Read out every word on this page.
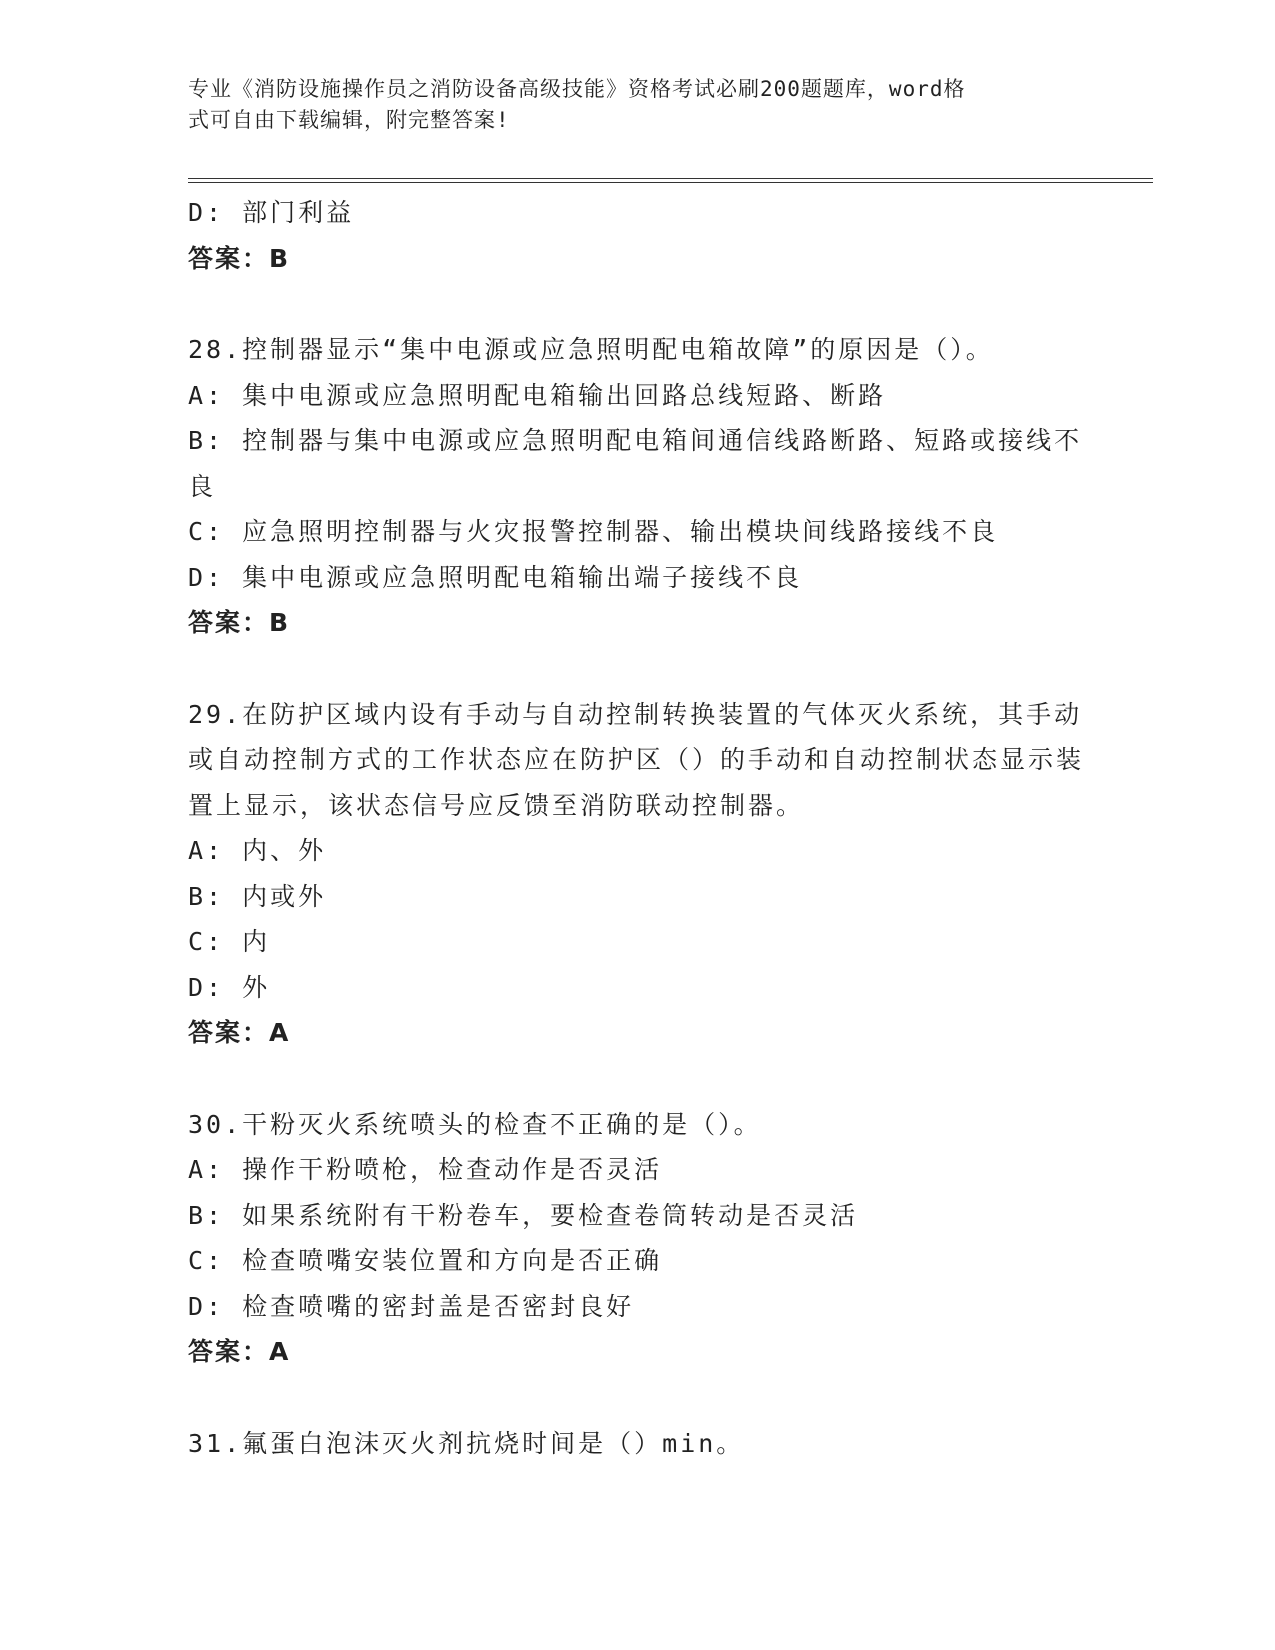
专业《消防设施操作员之消防设备高级技能》资格考试必刷200题题库，word格
式可自由下载编辑，附完整答案!
D: 部门利益
答案：B
28.控制器显示“集中电源或应急照明配电箱故障”的原因是（）。
A: 集中电源或应急照明配电箱输出回路总线短路、断路
B: 控制器与集中电源或应急照明配电箱间通信线路断路、短路或接线不良
C: 应急照明控制器与火灾报警控制器、输出模块间线路接线不良
D: 集中电源或应急照明配电箱输出端子接线不良
答案：B
29.在防护区域内设有手动与自动控制转换装置的气体灭火系统，其手动或自动控制方式的工作状态应在防护区（）的手动和自动控制状态显示装置上显示，该状态信号应反馈至消防联动控制器。
A: 内、外
B: 内或外
C: 内
D: 外
答案：A
30.干粉灭火系统喷头的检查不正确的是（）。
A: 操作干粉喷枪，检查动作是否灵活
B: 如果系统附有干粉卷车，要检查卷筒转动是否灵活
C: 检查喷嘴安装位置和方向是否正确
D: 检查喷嘴的密封盖是否密封良好
答案：A
31.氟蛋白泡沫灭火剂抗烧时间是（）min。
